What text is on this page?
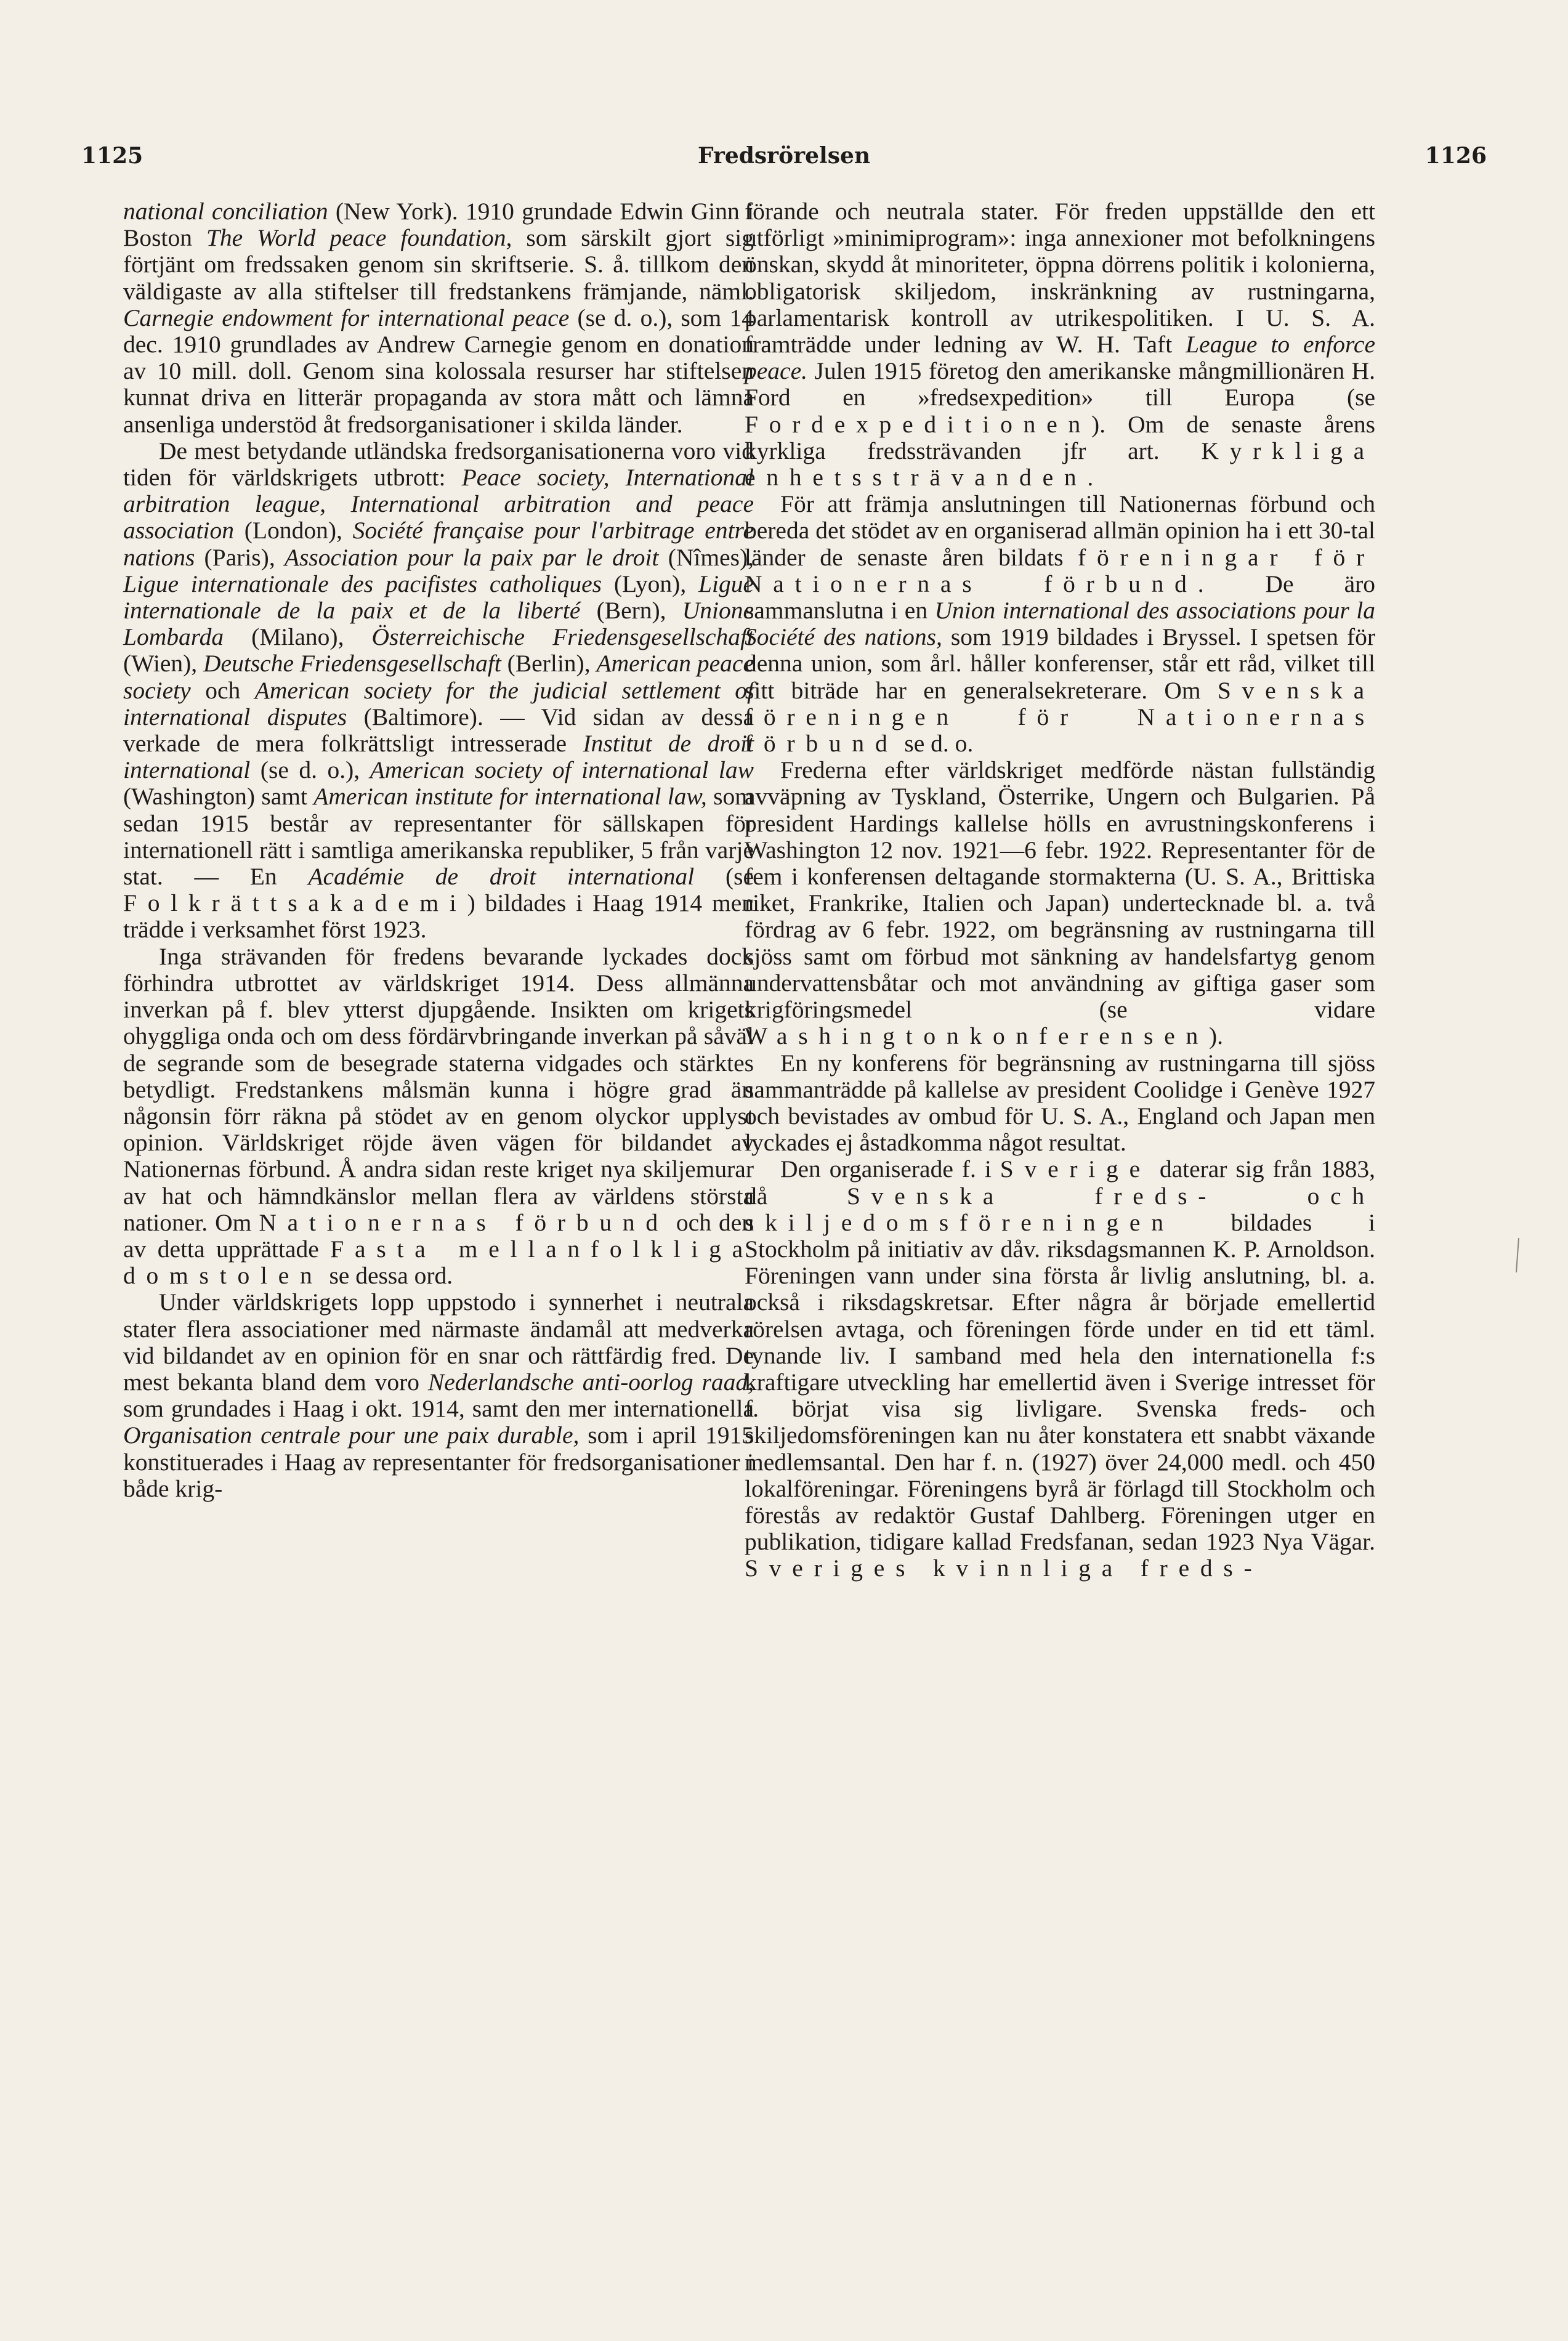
1125	Fredsrörelsen	1126

national conciliation (New York). 1910 grundade Edwin Ginn i Boston The World peace foundation, som särskilt gjort sig förtjänt om fredssaken genom sin skriftserie. S. å. tillkom den väldigaste av alla stiftelser till fredstankens främjande, näml. Carnegie endowment for international peace (se d. o.), som 14 dec. 1910 grundlades av Andrew Carnegie genom en donation av 10 mill. doll. Genom sina kolossala resurser har stiftelsen kunnat driva en litterär propaganda av stora mått och lämna ansenliga understöd åt fredsorganisationer i skilda länder.

De mest betydande utländska fredsorganisationerna voro vid tiden för världskrigets utbrott: Peace society, International arbitration league, International arbitration and peace association (London), Société française pour l'arbitrage entre nations (Paris), Association pour la paix par le droit (Nîmes), Ligue internationale des pacifistes catholiques (Lyon), Ligue internationale de la paix et de la liberté (Bern), Unione Lombarda (Milano), Österreichische Friedensgesellschaft (Wien), Deutsche Friedensgesellschaft (Berlin), American peace society och American society for the judicial settlement of international disputes (Baltimore). — Vid sidan av dessa verkade de mera folkrättsligt intresserade Institut de droit international (se d. o.), American society of international law (Washington) samt American institute for international law, som sedan 1915 består av representanter för sällskapen för internationell rätt i samtliga amerikanska republiker, 5 från varje stat. — En Académie de droit international (se Folkrättsakademi) bildades i Haag 1914 men trädde i verksamhet först 1923.

Inga strävanden för fredens bevarande lyckades dock förhindra utbrottet av världskriget 1914. Dess allmänna inverkan på f. blev ytterst djupgående. Insikten om krigets ohyggliga onda och om dess fördärvbringande inverkan på såväl de segrande som de besegrade staterna vidgades och stärktes betydligt. Fredstankens målsmän kunna i högre grad än någonsin förr räkna på stödet av en genom olyckor upplyst opinion. Världskriget röjde även vägen för bildandet av Nationernas förbund. Å andra sidan reste kriget nya skiljemurar av hat och hämndkänslor mellan flera av världens största nationer. Om Nationernas förbund och den av detta upprättade Fasta mellanfolkliga domstolen se dessa ord.

Under världskrigets lopp uppstodo i synnerhet i neutrala stater flera associationer med närmaste ändamål att medverka vid bildandet av en opinion för en snar och rättfärdig fred. De mest bekanta bland dem voro Nederlandsche anti-oorlog raad, som grundades i Haag i okt. 1914, samt den mer internationella Organisation centrale pour une paix durable, som i april 1915 konstituerades i Haag av representanter för fredsorganisationer i både krig-

förande och neutrala stater. För freden uppställde den ett utförligt »minimiprogram»: inga annexioner mot befolkningens önskan, skydd åt minoriteter, öppna dörrens politik i kolonierna, obligatorisk skiljedom, inskränkning av rustningarna, parlamentarisk kontroll av utrikespolitiken. I U. S. A. framträdde under ledning av W. H. Taft League to enforce peace. Julen 1915 företog den amerikanske mångmillionären H. Ford en »fredsexpedition» till Europa (se Fordexpeditionen). Om de senaste årens kyrkliga fredssträvanden jfr art. Kyrkliga enhetssträvanden.

För att främja anslutningen till Nationernas förbund och bereda det stödet av en organiserad allmän opinion ha i ett 30-tal länder de senaste åren bildats föreningar för Nationernas förbund. De äro sammanslutna i en Union international des associations pour la Société des nations, som 1919 bildades i Bryssel. I spetsen för denna union, som årl. håller konferenser, står ett råd, vilket till sitt biträde har en generalsekreterare. Om Svenska föreningen för Nationernas förbund se d. o.

Frederna efter världskriget medförde nästan fullständig avväpning av Tyskland, Österrike, Ungern och Bulgarien. På president Hardings kallelse hölls en avrustningskonferens i Washington 12 nov. 1921—6 febr. 1922. Representanter för de fem i konferensen deltagande stormakterna (U. S. A., Brittiska riket, Frankrike, Italien och Japan) undertecknade bl. a. två fördrag av 6 febr. 1922, om begränsning av rustningarna till sjöss samt om förbud mot sänkning av handelsfartyg genom undervattensbåtar och mot användning av giftiga gaser som krigföringsmedel (se vidare Washingtonkonferensen).

En ny konferens för begränsning av rustningarna till sjöss sammanträdde på kallelse av president Coolidge i Genève 1927 och bevistades av ombud för U. S. A., England och Japan men lyckades ej åstadkomma något resultat.

Den organiserade f. i Sverige daterar sig från 1883, då Svenska freds- och skiljedomsföreningen bildades i Stockholm på initiativ av dåv. riksdagsmannen K. P. Arnoldson. Föreningen vann under sina första år livlig anslutning, bl. a. också i riksdagskretsar. Efter några år började emellertid rörelsen avtaga, och föreningen förde under en tid ett täml. tynande liv. I samband med hela den internationella f:s kraftigare utveckling har emellertid även i Sverige intresset för f. börjat visa sig livligare. Svenska freds- och skiljedomsföreningen kan nu åter konstatera ett snabbt växande medlemsantal. Den har f. n. (1927) över 24,000 medl. och 450 lokalföreningar. Föreningens byrå är förlagd till Stockholm och förestås av redaktör Gustaf Dahlberg. Föreningen utger en publikation, tidigare kallad Fredsfanan, sedan 1923 Nya Vägar. Sveriges kvinnliga freds-
